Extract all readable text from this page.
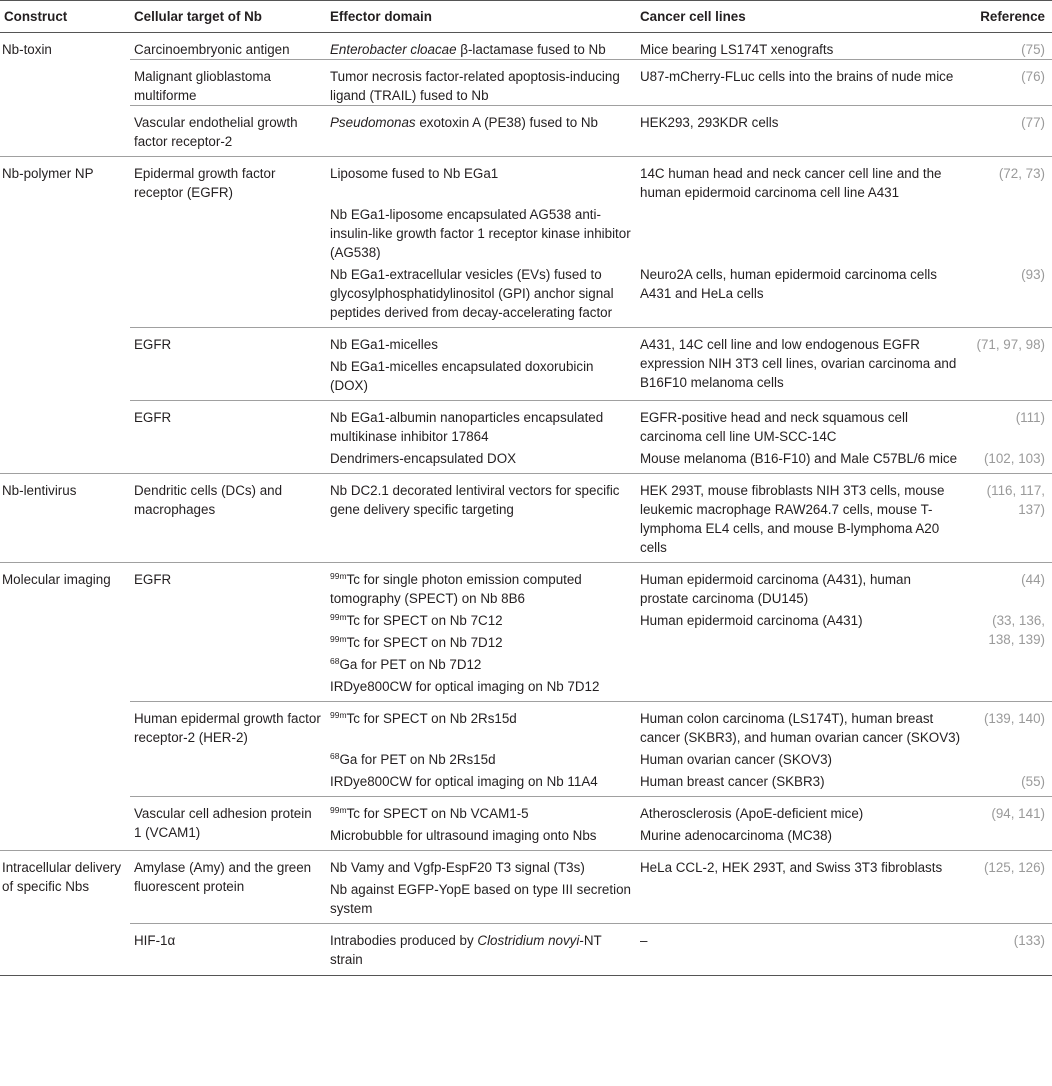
Construct	Cellular target of Nb	Effector domain	Cancer cell lines	Reference
Nb-toxin	Carcinoembryonic antigen	Enterobacter cloacae β-lactamase fused to Nb	Mice bearing LS174T xenografts	(75)
	Malignant glioblastoma multiforme	Tumor necrosis factor-related apoptosis-inducing ligand (TRAIL) fused to Nb	U87-mCherry-FLuc cells into the brains of nude mice	(76)
	Vascular endothelial growth factor receptor-2	Pseudomonas exotoxin A (PE38) fused to Nb	HEK293, 293KDR cells	(77)
Nb-polymer NP	Epidermal growth factor receptor (EGFR)	Liposome fused to Nb EGa1	14C human head and neck cancer cell line and the human epidermoid carcinoma cell line A431	(72, 73)
		Nb EGa1-liposome encapsulated AG538 anti-insulin-like growth factor 1 receptor kinase inhibitor (AG538)		
		Nb EGa1-extracellular vesicles (EVs) fused to glycosylphosphatidylinositol (GPI) anchor signal peptides derived from decay-accelerating factor	Neuro2A cells, human epidermoid carcinoma cells A431 and HeLa cells	(93)
	EGFR	Nb EGa1-micelles	A431, 14C cell line and low endogenous EGFR expression NIH 3T3 cell lines, ovarian carcinoma and B16F10 melanoma cells	(71, 97, 98)
		Nb EGa1-micelles encapsulated doxorubicin (DOX)		
	EGFR	Nb EGa1-albumin nanoparticles encapsulated multikinase inhibitor 17864	EGFR-positive head and neck squamous cell carcinoma cell line UM-SCC-14C	(111)
		Dendrimers-encapsulated DOX	Mouse melanoma (B16-F10) and Male C57BL/6 mice	(102, 103)
Nb-lentivirus	Dendritic cells (DCs) and macrophages	Nb DC2.1 decorated lentiviral vectors for specific gene delivery specific targeting	HEK 293T, mouse fibroblasts NIH 3T3 cells, mouse leukemic macrophage RAW264.7 cells, mouse T-lymphoma EL4 cells, and mouse B-lymphoma A20 cells	(116, 117, 137)
Molecular imaging	EGFR	$^{99m}$Tc for single photon emission computed tomography (SPECT) on Nb 8B6	Human epidermoid carcinoma (A431), human prostate carcinoma (DU145)	(44)
		$^{99m}$Tc for SPECT on Nb 7C12	Human epidermoid carcinoma (A431)	(33, 136, 138, 139)
		$^{99m}$Tc for SPECT on Nb 7D12		
		$^{68}$Ga for PET on Nb 7D12		
		IRDye800CW for optical imaging on Nb 7D12		
	Human epidermal growth factor receptor-2 (HER-2)	$^{99m}$Tc for SPECT on Nb 2Rs15d	Human colon carcinoma (LS174T), human breast cancer (SKBR3), and human ovarian cancer (SKOV3)	(139, 140)
		$^{68}$Ga for PET on Nb 2Rs15d	Human ovarian cancer (SKOV3)	
		IRDye800CW for optical imaging on Nb 11A4	Human breast cancer (SKBR3)	(55)
	Vascular cell adhesion protein 1 (VCAM1)	$^{99m}$Tc for SPECT on Nb VCAM1-5	Atherosclerosis (ApoE-deficient mice)	(94, 141)
		Microbubble for ultrasound imaging onto Nbs	Murine adenocarcinoma (MC38)	
Intracellular delivery of specific Nbs	Amylase (Amy) and the green fluorescent protein	Nb Vamy and Vgfp-EspF20 T3 signal (T3s)	HeLa CCL-2, HEK 293T, and Swiss 3T3 fibroblasts	(125, 126)
		Nb against EGFP-YopE based on type III secretion system		
	HIF-1α	Intrabodies produced by Clostridium novyi-NT strain	–	(133)
